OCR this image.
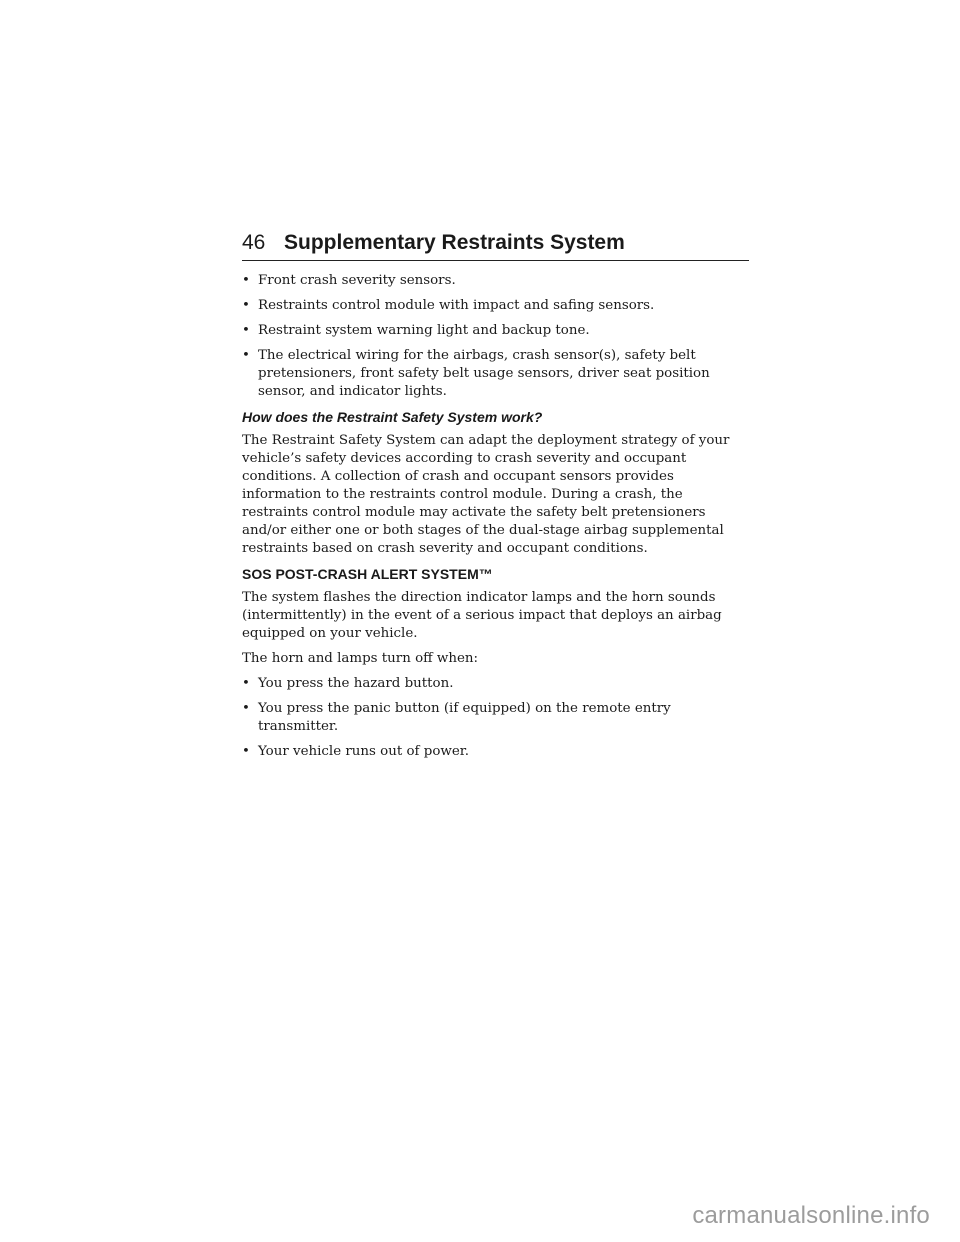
46 Supplementary Restraints System
• Front crash severity sensors.
• Restraints control module with impact and safing sensors.
• Restraint system warning light and backup tone.
• The electrical wiring for the airbags, crash sensor(s), safety belt pretensioners, front safety belt usage sensors, driver seat position sensor, and indicator lights.
How does the Restraint Safety System work?

The Restraint Safety System can adapt the deployment strategy of your vehicle’s safety devices according to crash severity and occupant conditions. A collection of crash and occupant sensors provides information to the restraints control module. During a crash, the restraints control module may activate the safety belt pretensioners and/or either one or both stages of the dual-stage airbag supplemental restraints based on crash severity and occupant conditions.

SOS POST-CRASH ALERT SYSTEM™

The system flashes the direction indicator lamps and the horn sounds (intermittently) in the event of a serious impact that deploys an airbag equipped on your vehicle.

The horn and lamps turn off when:

• You press the hazard button.
• You press the panic button (if equipped) on the remote entry transmitter.
• Your vehicle runs out of power.
carmanualsonline.info
